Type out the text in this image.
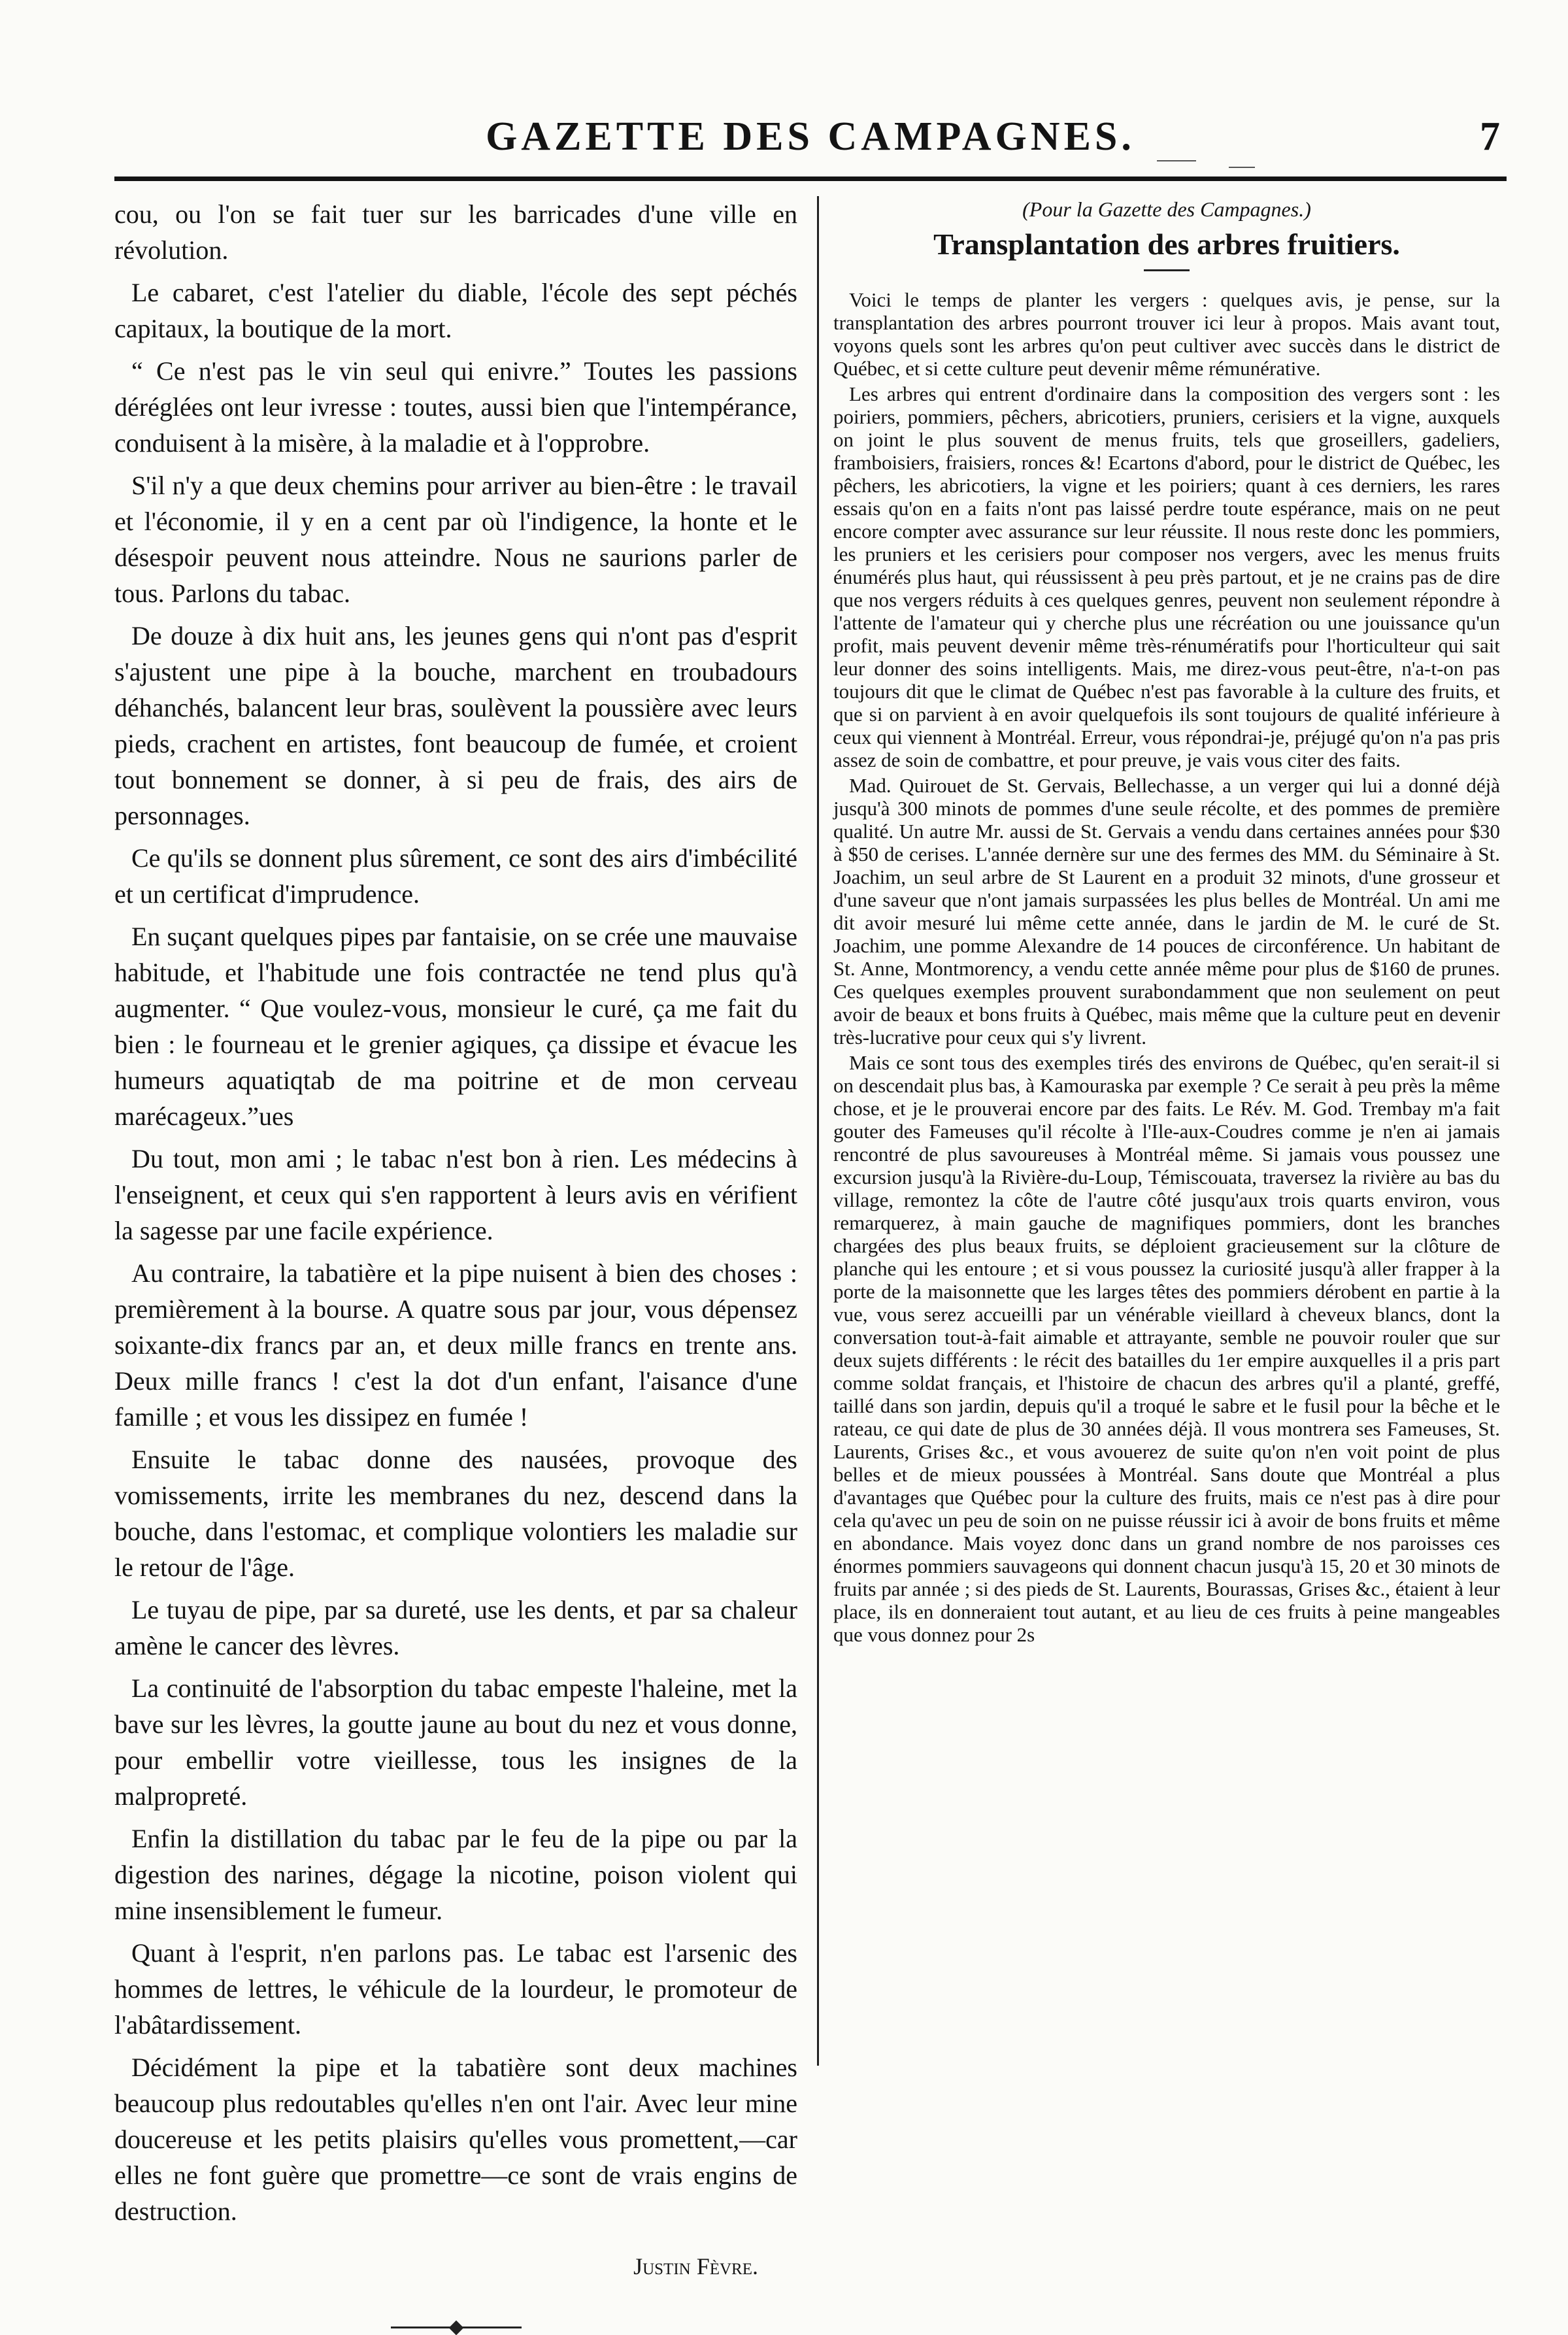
GAZETTE DES CAMPAGNES.	7

cou, ou l'on se fait tuer sur les barricades d'une ville en révolution.

Le cabaret, c'est l'atelier du diable, l'école des sept péchés capitaux, la boutique de la mort.

“ Ce n'est pas le vin seul qui enivre.” Toutes les passions déréglées ont leur ivresse : toutes, aussi bien que l'intempérance, conduisent à la misère, à la maladie et à l'opprobre.

S'il n'y a que deux chemins pour arriver au bien-être : le travail et l'économie, il y en a cent par où l'indigence, la honte et le désespoir peuvent nous atteindre. Nous ne saurions parler de tous. Parlons du tabac.

De douze à dix huit ans, les jeunes gens qui n'ont pas d'esprit s'ajustent une pipe à la bouche, marchent en troubadours déhanchés, balancent leur bras, soulèvent la poussière avec leurs pieds, crachent en artistes, font beaucoup de fumée, et croient tout bonnement se donner, à si peu de frais, des airs de personnages.

Ce qu'ils se donnent plus sûrement, ce sont des airs d'imbécilité et un certificat d'imprudence.

En suçant quelques pipes par fantaisie, on se crée une mauvaise habitude, et l'habitude une fois contractée ne tend plus qu'à augmenter. “ Que voulez-vous, monsieur le curé, ça me fait du bien : le fourneau et le grenier agiques, ça dissipe et évacue les humeurs aquatiqtab de ma poitrine et de mon cerveau marécageux.”ues

Du tout, mon ami ; le tabac n'est bon à rien. Les médecins à l'enseignent, et ceux qui s'en rapportent à leurs avis en vérifient la sagesse par une facile expérience.

Au contraire, la tabatière et la pipe nuisent à bien des choses : premièrement à la bourse. A quatre sous par jour, vous dépensez soixante-dix francs par an, et deux mille francs en trente ans. Deux mille francs ! c'est la dot d'un enfant, l'aisance d'une famille ; et vous les dissipez en fumée !

Ensuite le tabac donne des nausées, provoque des vomissements, irrite les membranes du nez, descend dans la bouche, dans l'estomac, et complique volontiers les maladie sur le retour de l'âge.

Le tuyau de pipe, par sa dureté, use les dents, et par sa chaleur amène le cancer des lèvres.

La continuité de l'absorption du tabac empeste l'haleine, met la bave sur les lèvres, la goutte jaune au bout du nez et vous donne, pour embellir votre vieillesse, tous les insignes de la malpropreté.

Enfin la distillation du tabac par le feu de la pipe ou par la digestion des narines, dégage la nicotine, poison violent qui mine insensiblement le fumeur.

Quant à l'esprit, n'en parlons pas. Le tabac est l'arsenic des hommes de lettres, le véhicule de la lourdeur, le promoteur de l'abâtardissement.

Décidément la pipe et la tabatière sont deux machines beaucoup plus redoutables qu'elles n'en ont l'air. Avec leur mine doucereuse et les petits plaisirs qu'elles vous promettent,—car elles ne font guère que promettre—ce sont de vrais engins de destruction.

Justin Fèvre.
(Pour la Gazette des Campagnes.)
Transplantation des arbres fruitiers.

Voici le temps de planter les vergers : quelques avis, je pense, sur la transplantation des arbres pourront trouver ici leur à propos. Mais avant tout, voyons quels sont les arbres qu'on peut cultiver avec succès dans le district de Québec, et si cette culture peut devenir même rémunérative.

Les arbres qui entrent d'ordinaire dans la composition des vergers sont : les poiriers, pommiers, pêchers, abricotiers, pruniers, cerisiers et la vigne, auxquels on joint le plus souvent de menus fruits, tels que groseillers, gadeliers, framboisiers, fraisiers, ronces &! Ecartons d'abord, pour le district de Québec, les pêchers, les abricotiers, la vigne et les poiriers; quant à ces derniers, les rares essais qu'on en a faits n'ont pas laissé perdre toute espérance, mais on ne peut encore compter avec assurance sur leur réussite. Il nous reste donc les pommiers, les pruniers et les cerisiers pour composer nos vergers, avec les menus fruits énumérés plus haut, qui réussissent à peu près partout, et je ne crains pas de dire que nos vergers réduits à ces quelques genres, peuvent non seulement répondre à l'attente de l'amateur qui y cherche plus une récréation ou une jouissance qu'un profit, mais peuvent devenir même très-rénumératifs pour l'horticulteur qui sait leur donner des soins intelligents. Mais, me direz-vous peut-être, n'a-t-on pas toujours dit que le climat de Québec n'est pas favorable à la culture des fruits, et que si on parvient à en avoir quelquefois ils sont toujours de qualité inférieure à ceux qui viennent à Montréal. Erreur, vous répondrai-je, préjugé qu'on n'a pas pris assez de soin de combattre, et pour preuve, je vais vous citer des faits.

Mad. Quirouet de St. Gervais, Bellechasse, a un verger qui lui a donné déjà jusqu'à 300 minots de pommes d'une seule récolte, et des pommes de première qualité. Un autre Mr. aussi de St. Gervais a vendu dans certaines années pour $30 à $50 de cerises. L'année dernère sur une des fermes des MM. du Séminaire à St. Joachim, un seul arbre de St Laurent en a produit 32 minots, d'une grosseur et d'une saveur que n'ont jamais surpassées les plus belles de Montréal. Un ami me dit avoir mesuré lui même cette année, dans le jardin de M. le curé de St. Joachim, une pomme Alexandre de 14 pouces de circonférence. Un habitant de St. Anne, Montmorency, a vendu cette année même pour plus de $160 de prunes. Ces quelques exemples prouvent surabondamment que non seulement on peut avoir de beaux et bons fruits à Québec, mais même que la culture peut en devenir très-lucrative pour ceux qui s'y livrent.

Mais ce sont tous des exemples tirés des environs de Québec, qu'en serait-il si on descendait plus bas, à Kamouraska par exemple ? Ce serait à peu près la même chose, et je le prouverai encore par des faits. Le Rév. M. God. Trembay m'a fait gouter des Fameuses qu'il récolte à l'Ile-aux-Coudres comme je n'en ai jamais rencontré de plus savoureuses à Montréal même. Si jamais vous poussez une excursion jusqu'à la Rivière-du-Loup, Témiscouata, traversez la rivière au bas du village, remontez la côte de l'autre côté jusqu'aux trois quarts environ, vous remarquerez, à main gauche de magnifiques pommiers, dont les branches chargées des plus beaux fruits, se déploient gracieusement sur la clôture de planche qui les entoure ; et si vous poussez la curiosité jusqu'à aller frapper à la porte de la maisonnette que les larges têtes des pommiers dérobent en partie à la vue, vous serez accueilli par un vénérable vieillard à cheveux blancs, dont la conversation tout-à-fait aimable et attrayante, semble ne pouvoir rouler que sur deux sujets différents : le récit des batailles du 1er empire auxquelles il a pris part comme soldat français, et l'histoire de chacun des arbres qu'il a planté, greffé, taillé dans son jardin, depuis qu'il a troqué le sabre et le fusil pour la bêche et le rateau, ce qui date de plus de 30 années déjà. Il vous montrera ses Fameuses, St. Laurents, Grises &c., et vous avouerez de suite qu'on n'en voit point de plus belles et de mieux poussées à Montréal. Sans doute que Montréal a plus d'avantages que Québec pour la culture des fruits, mais ce n'est pas à dire pour cela qu'avec un peu de soin on ne puisse réussir ici à avoir de bons fruits et même en abondance. Mais voyez donc dans un grand nombre de nos paroisses ces énormes pommiers sauvageons qui donnent chacun jusqu'à 15, 20 et 30 minots de fruits par année ; si des pieds de St. Laurents, Bourassas, Grises &c., étaient à leur place, ils en donneraient tout autant, et au lieu de ces fruits à peine mangeables que vous donnez pour 2s
